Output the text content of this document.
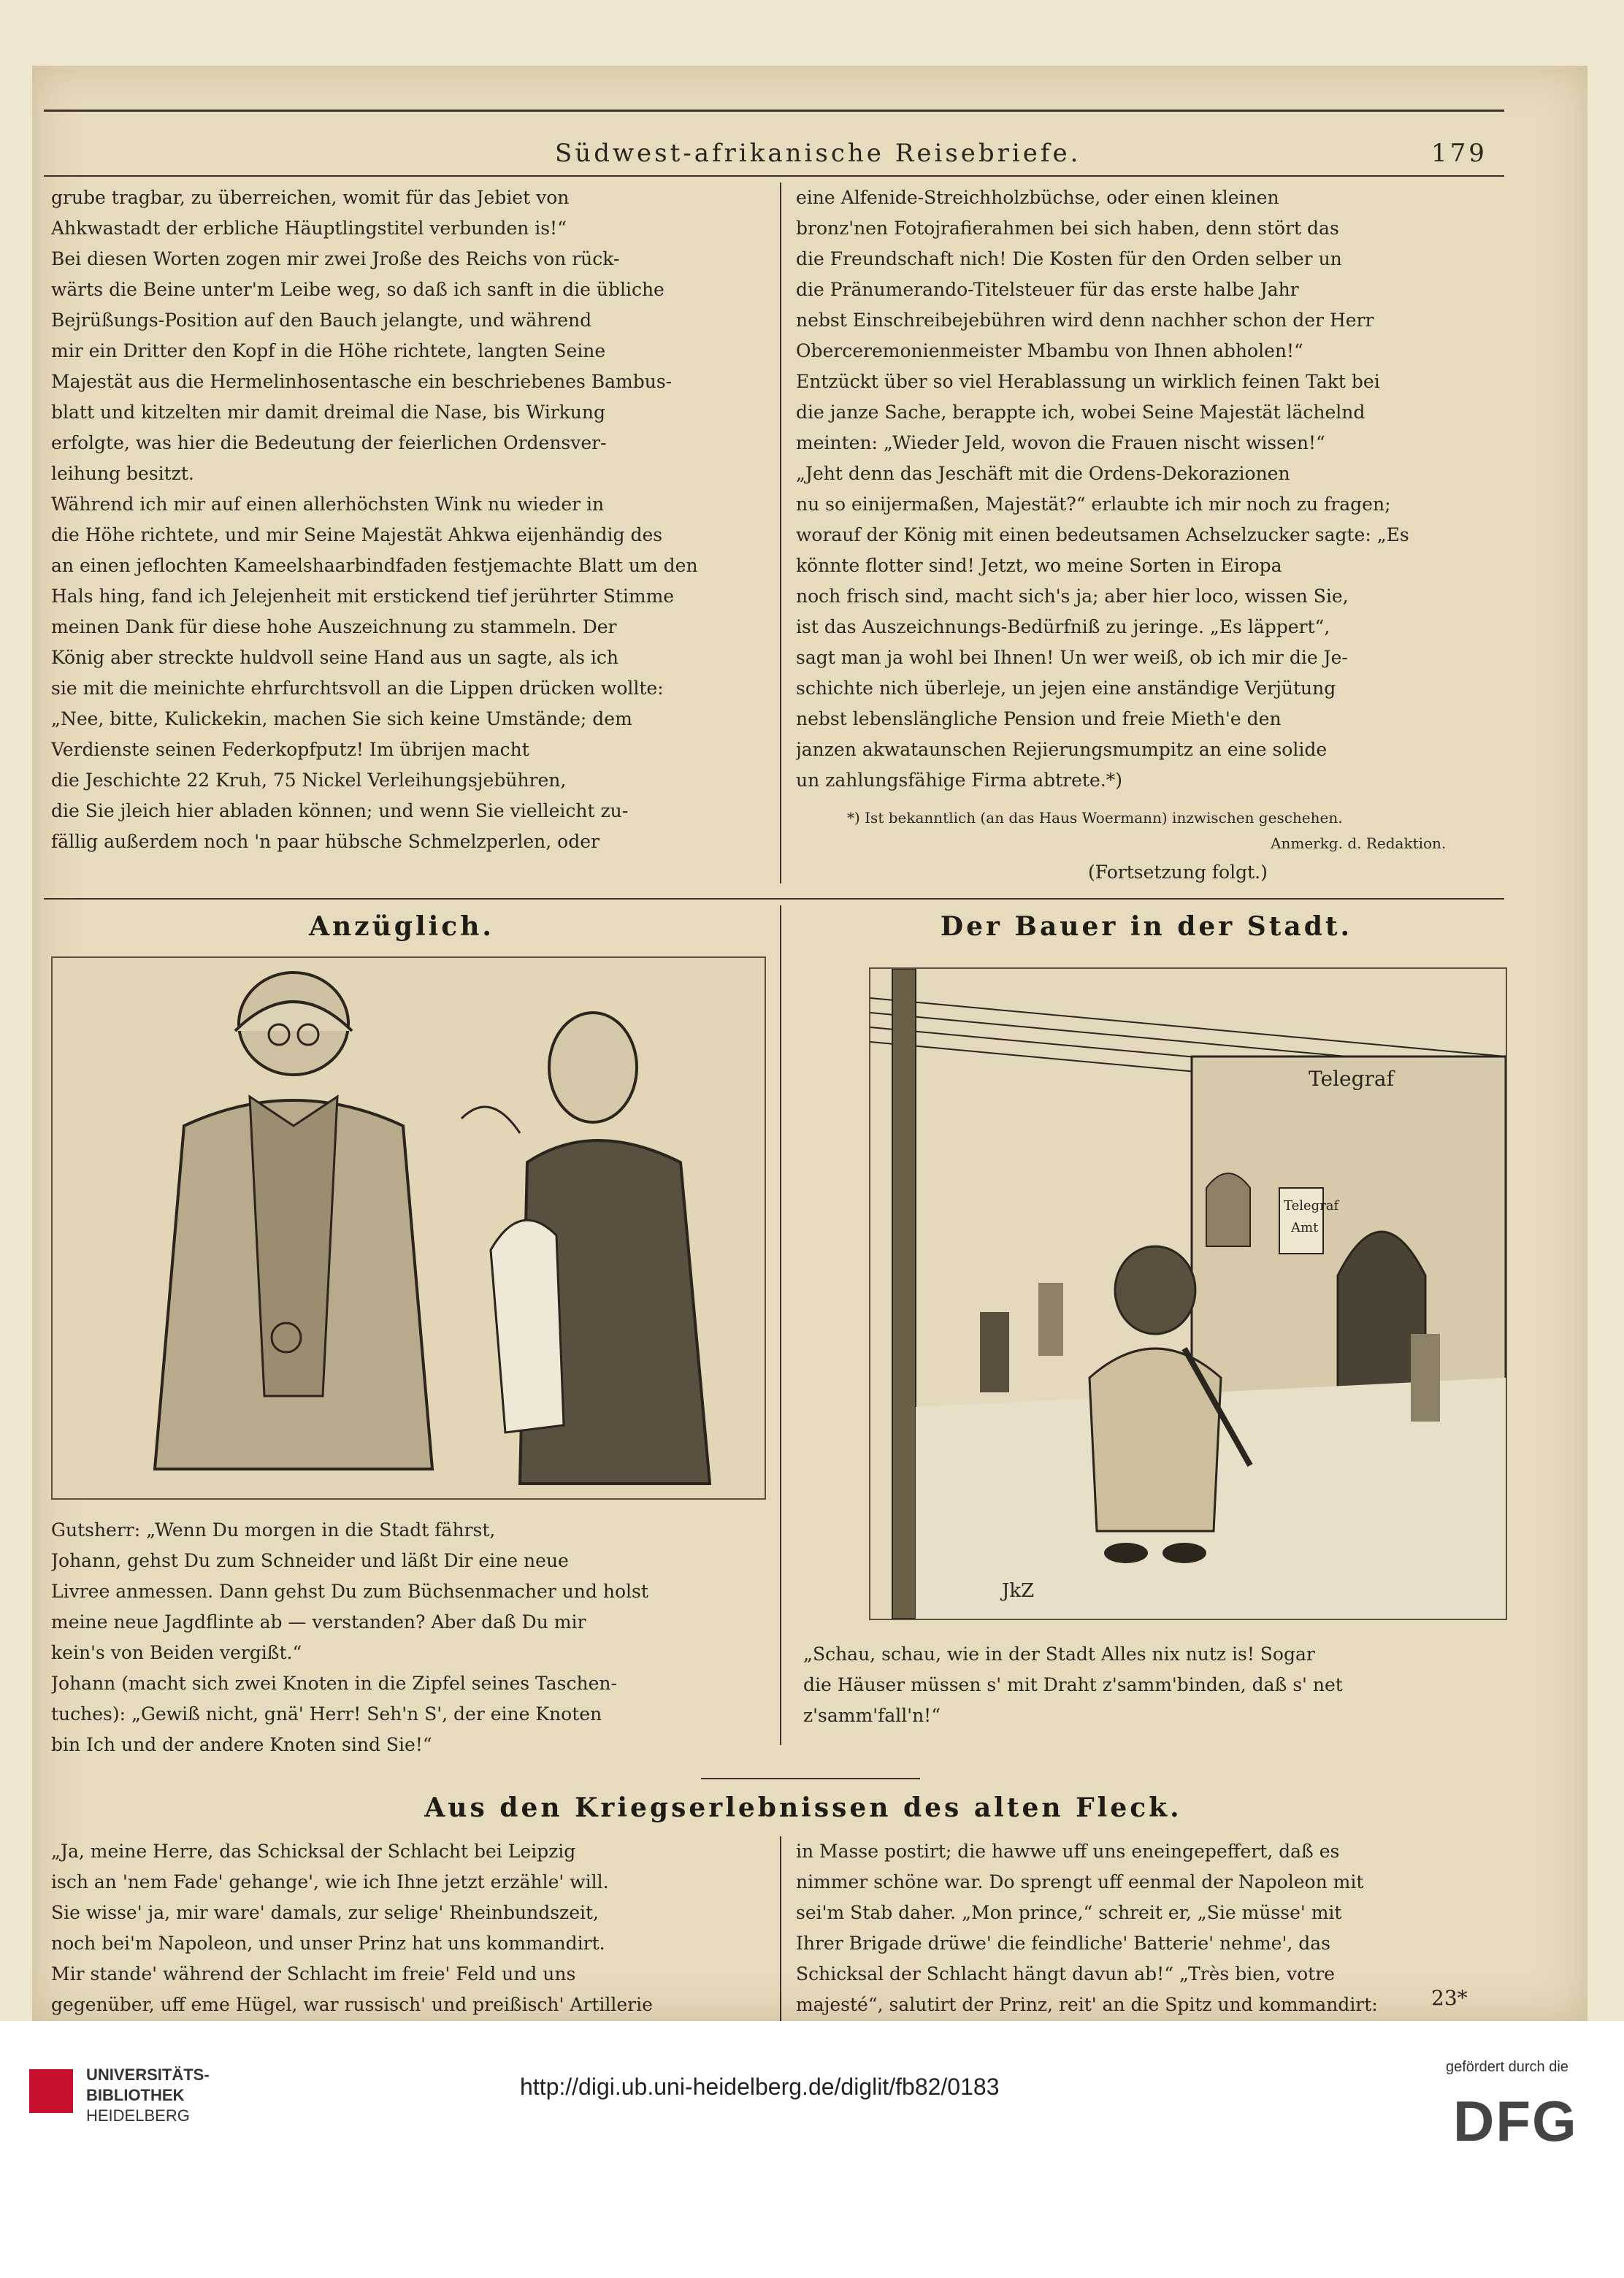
Südwest-afrikanische Reisebriefe.	179
grube tragbar, zu überreichen, womit für das Jebiet von
Ahkwastadt der erbliche Häuptlingstitel verbunden is!“
Bei diesen Worten zogen mir zwei Jroße des Reichs von rück-
wärts die Beine unter'm Leibe weg, so daß ich sanft in die übliche
Bejrüßungs-Position auf den Bauch jelangte, und während
mir ein Dritter den Kopf in die Höhe richtete, langten Seine
Majestät aus die Hermelinhosentasche ein beschriebenes Bambus-
blatt und kitzelten mir damit dreimal die Nase, bis Wirkung
erfolgte, was hier die Bedeutung der feierlichen Ordensver-
leihung besitzt.
Während ich mir auf einen allerhöchsten Wink nu wieder in
die Höhe richtete, und mir Seine Majestät Ahkwa eijenhändig des
an einen jeflochten Kameelshaarbindfaden festjemachte Blatt um den
Hals hing, fand ich Jelejenheit mit erstickend tief jerührter Stimme
meinen Dank für diese hohe Auszeichnung zu stammeln. Der
König aber streckte huldvoll seine Hand aus un sagte, als ich
sie mit die meinichte ehrfurchtsvoll an die Lippen drücken wollte:
„Nee, bitte, Kulickekin, machen Sie sich keine Umstände; dem
Verdienste seinen Federkopfputz! Im übrijen macht
die Jeschichte 22 Kruh, 75 Nickel Verleihungsjebühren,
die Sie jleich hier abladen können; und wenn Sie vielleicht zu-
fällig außerdem noch 'n paar hübsche Schmelzperlen, oder
eine Alfenide-Streichholzbüchse, oder einen kleinen
bronz'nen Fotojrafierahmen bei sich haben, denn stört das
die Freundschaft nich! Die Kosten für den Orden selber un
die Pränumerando-Titelsteuer für das erste halbe Jahr
nebst Einschreibejebühren wird denn nachher schon der Herr
Oberceremonienmeister Mbambu von Ihnen abholen!“
Entzückt über so viel Herablassung un wirklich feinen Takt bei
die janze Sache, berappte ich, wobei Seine Majestät lächelnd
meinten: „Wieder Jeld, wovon die Frauen nischt wissen!“
„Jeht denn das Jeschäft mit die Ordens-Dekorazionen
nu so einijermaßen, Majestät?“ erlaubte ich mir noch zu fragen;
worauf der König mit einen bedeutsamen Achselzucker sagte: „Es
könnte flotter sind! Jetzt, wo meine Sorten in Eiropa
noch frisch sind, macht sich's ja; aber hier loco, wissen Sie,
ist das Auszeichnungs-Bedürfniß zu jeringe. „Es läppert“,
sagt man ja wohl bei Ihnen! Un wer weiß, ob ich mir die Je-
schichte nich überleje, un jejen eine anständige Verjütung
nebst lebenslängliche Pension und freie Mieth'e den
janzen akwataunschen Rejierungsmumpitz an eine solide
un zahlungsfähige Firma abtrete.*)
*) Ist bekanntlich (an das Haus Woermann) inzwischen geschehen.
Anmerkg. d. Redaktion.
(Fortsetzung folgt.)
Anzüglich.
Gutsherr: „Wenn Du morgen in die Stadt fährst,
Johann, gehst Du zum Schneider und läßt Dir eine neue
Livree anmessen. Dann gehst Du zum Büchsenmacher und holst
meine neue Jagdflinte ab — verstanden? Aber daß Du mir
kein's von Beiden vergißt.“
Johann (macht sich zwei Knoten in die Zipfel seines Taschen-
tuches): „Gewiß nicht, gnä' Herr! Seh'n S', der eine Knoten
bin Ich und der andere Knoten sind Sie!“
Der Bauer in der Stadt.
Telegraf
Telegraf
Amt
JkZ
„Schau, schau, wie in der Stadt Alles nix nutz is! Sogar
die Häuser müssen s' mit Draht z'samm'binden, daß s' net
z'samm'fall'n!“
Aus den Kriegserlebnissen des alten Fleck.
„Ja, meine Herre, das Schicksal der Schlacht bei Leipzig
isch an 'nem Fade' gehange', wie ich Ihne jetzt erzähle' will.
Sie wisse' ja, mir ware' damals, zur selige' Rheinbundszeit,
noch bei'm Napoleon, und unser Prinz hat uns kommandirt.
Mir stande' während der Schlacht im freie' Feld und uns
gegenüber, uff eme Hügel, war russisch' und preißisch' Artillerie
in Masse postirt; die hawwe uff uns eneingepeffert, daß es
nimmer schöne war. Do sprengt uff eenmal der Napoleon mit
sei'm Stab daher. „Mon prince,“ schreit er, „Sie müsse' mit
Ihrer Brigade drüwe' die feindliche' Batterie' nehme', das
Schicksal der Schlacht hängt davun ab!“ „Très bien, votre
majesté“, salutirt der Prinz, reit' an die Spitz und kommandirt:	23*
UNIVERSITÄTS-
BIBLIOTHEK
HEIDELBERG
http://digi.ub.uni-heidelberg.de/diglit/fb82/0183
gefördert durch die
DFG
